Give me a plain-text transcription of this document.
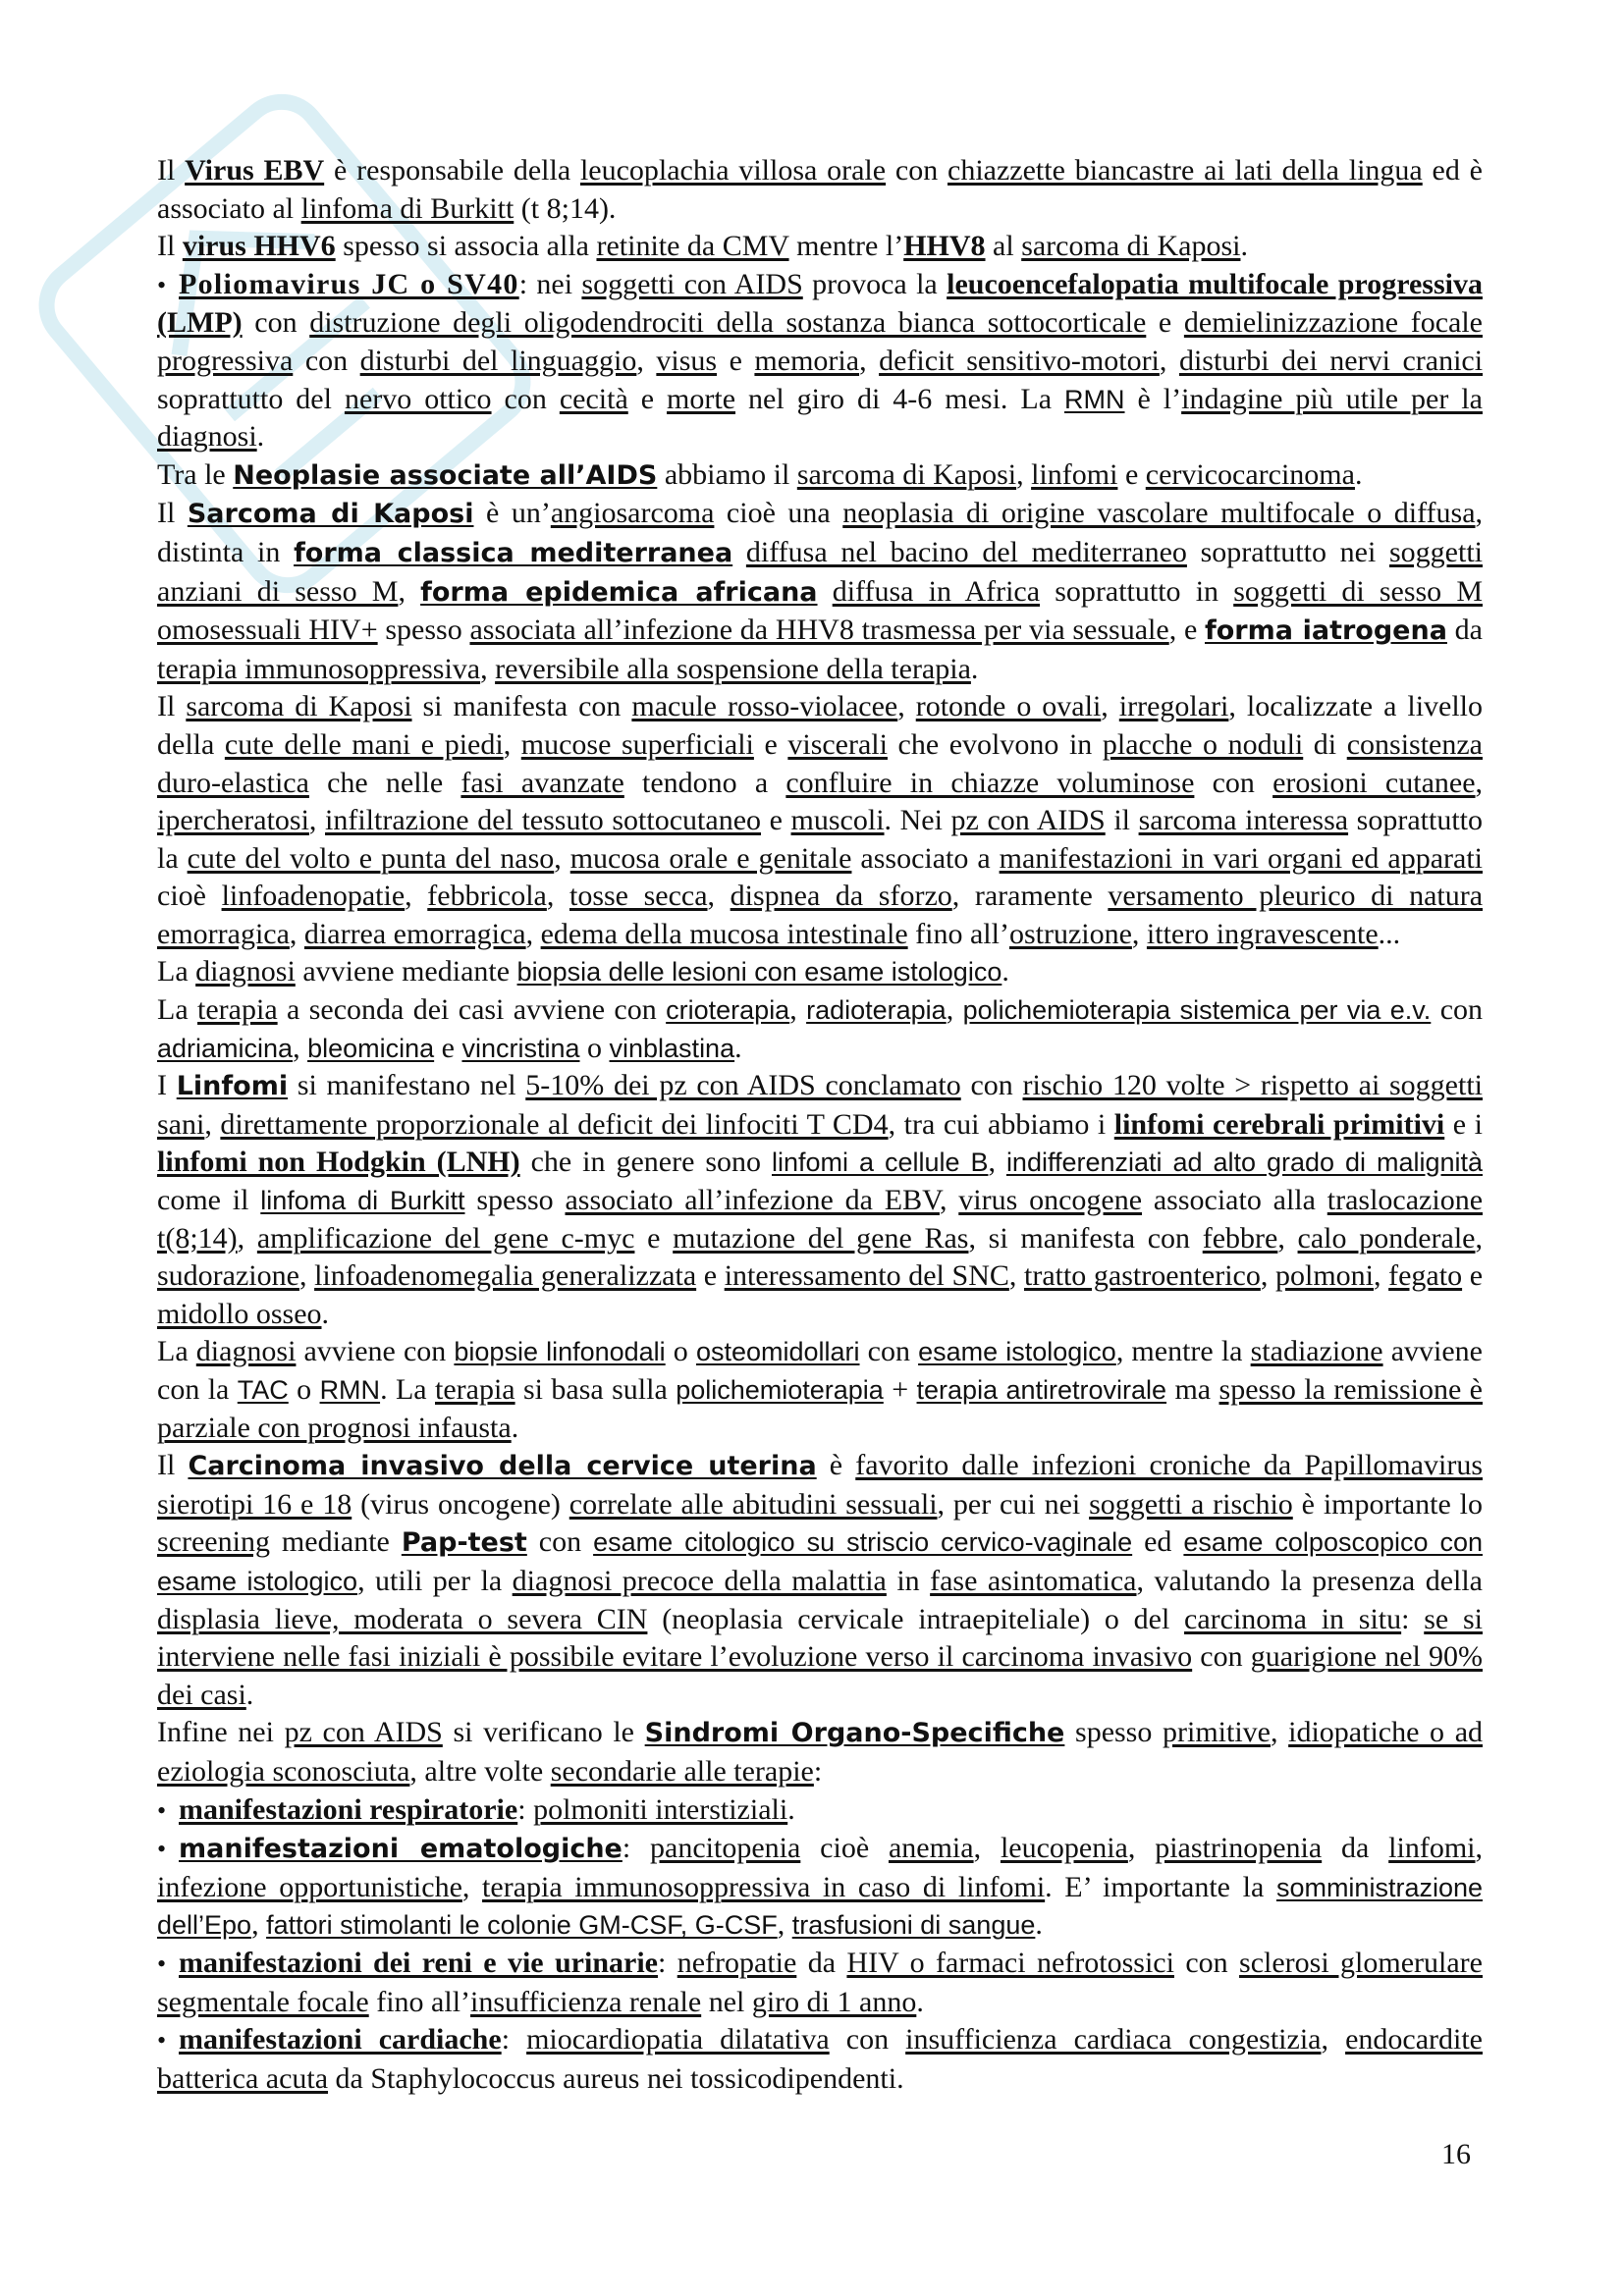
Il Virus EBV è responsabile della leucoplachia villosa orale con chiazzette biancastre ai lati della lingua ed è associato al linfoma di Burkitt (t 8;14).

Il virus HHV6 spesso si associa alla retinite da CMV mentre l’HHV8 al sarcoma di Kaposi.

•Poliomavirus JC o SV40: nei soggetti con AIDS provoca la leucoencefalopatia multifocale progressiva (LMP) con distruzione degli oligodendrociti della sostanza bianca sottocorticale e demielinizzazione focale progressiva con disturbi del linguaggio, visus e memoria, deficit sensitivo-motori, disturbi dei nervi cranici soprattutto del nervo ottico con cecità e morte nel giro di 4-6 mesi. La RMN è l’indagine più utile per la diagnosi.

Tra le Neoplasie associate all’AIDS abbiamo il sarcoma di Kaposi, linfomi e cervicocarcinoma.

Il Sarcoma di Kaposi è un’angiosarcoma cioè una neoplasia di origine vascolare multifocale o diffusa, distinta in forma classica mediterranea diffusa nel bacino del mediterraneo soprattutto nei soggetti anziani di sesso M, forma epidemica africana diffusa in Africa soprattutto in soggetti di sesso M omosessuali HIV+ spesso associata all’infezione da HHV8 trasmessa per via sessuale, e forma iatrogena da terapia immunosoppressiva, reversibile alla sospensione della terapia.

Il sarcoma di Kaposi si manifesta con macule rosso-violacee, rotonde o ovali, irregolari, localizzate a livello della cute delle mani e piedi, mucose superficiali e viscerali che evolvono in placche o noduli di consistenza duro-elastica che nelle fasi avanzate tendono a confluire in chiazze voluminose con erosioni cutanee, ipercheratosi, infiltrazione del tessuto sottocutaneo e muscoli. Nei pz con AIDS il sarcoma interessa soprattutto la cute del volto e punta del naso, mucosa orale e genitale associato a manifestazioni in vari organi ed apparati cioè linfoadenopatie, febbricola, tosse secca, dispnea da sforzo, raramente versamento pleurico di natura emorragica, diarrea emorragica, edema della mucosa intestinale fino all’ostruzione, ittero ingravescente...

La diagnosi avviene mediante biopsia delle lesioni con esame istologico.

La terapia a seconda dei casi avviene con crioterapia, radioterapia, polichemioterapia sistemica per via e.v. con adriamicina, bleomicina e vincristina o vinblastina.

I Linfomi si manifestano nel 5-10% dei pz con AIDS conclamato con rischio 120 volte > rispetto ai soggetti sani, direttamente proporzionale al deficit dei linfociti T CD4, tra cui abbiamo i linfomi cerebrali primitivi e i linfomi non Hodgkin (LNH) che in genere sono linfomi a cellule B, indifferenziati ad alto grado di malignità come il linfoma di Burkitt spesso associato all’infezione da EBV, virus oncogene associato alla traslocazione t(8;14), amplificazione del gene c-myc e mutazione del gene Ras, si manifesta con febbre, calo ponderale, sudorazione, linfoadenomegalia generalizzata e interessamento del SNC, tratto gastroenterico, polmoni, fegato e midollo osseo.

La diagnosi avviene con biopsie linfonodali o osteomidollari con esame istologico, mentre la stadiazione avviene con la TAC o RMN. La terapia si basa sulla polichemioterapia + terapia antiretrovirale ma spesso la remissione è parziale con prognosi infausta.

Il Carcinoma invasivo della cervice uterina è favorito dalle infezioni croniche da Papillomavirus sierotipi 16 e 18 (virus oncogene) correlate alle abitudini sessuali, per cui nei soggetti a rischio è importante lo screening mediante Pap-test con esame citologico su striscio cervico-vaginale ed esame colposcopico con esame istologico, utili per la diagnosi precoce della malattia in fase asintomatica, valutando la presenza della displasia lieve, moderata o severa CIN (neoplasia cervicale intraepiteliale) o del carcinoma in situ: se si interviene nelle fasi iniziali è possibile evitare l’evoluzione verso il carcinoma invasivo con guarigione nel 90% dei casi.

Infine nei pz con AIDS si verificano le Sindromi Organo-Specifiche spesso primitive, idiopatiche o ad eziologia sconosciuta, altre volte secondarie alle terapie:

•manifestazioni respiratorie: polmoniti interstiziali.

•manifestazioni ematologiche: pancitopenia cioè anemia, leucopenia, piastrinopenia da linfomi, infezione opportunistiche, terapia immunosoppressiva in caso di linfomi. E’ importante la somministrazione dell’Epo, fattori stimolanti le colonie GM-CSF, G-CSF, trasfusioni di sangue.

•manifestazioni dei reni e vie urinarie: nefropatie da HIV o farmaci nefrotossici con sclerosi glomerulare segmentale focale fino all’insufficienza renale nel giro di 1 anno.

•manifestazioni cardiache: miocardiopatia dilatativa con insufficienza cardiaca congestizia, endocardite batterica acuta da Staphylococcus aureus nei tossicodipendenti.

16
